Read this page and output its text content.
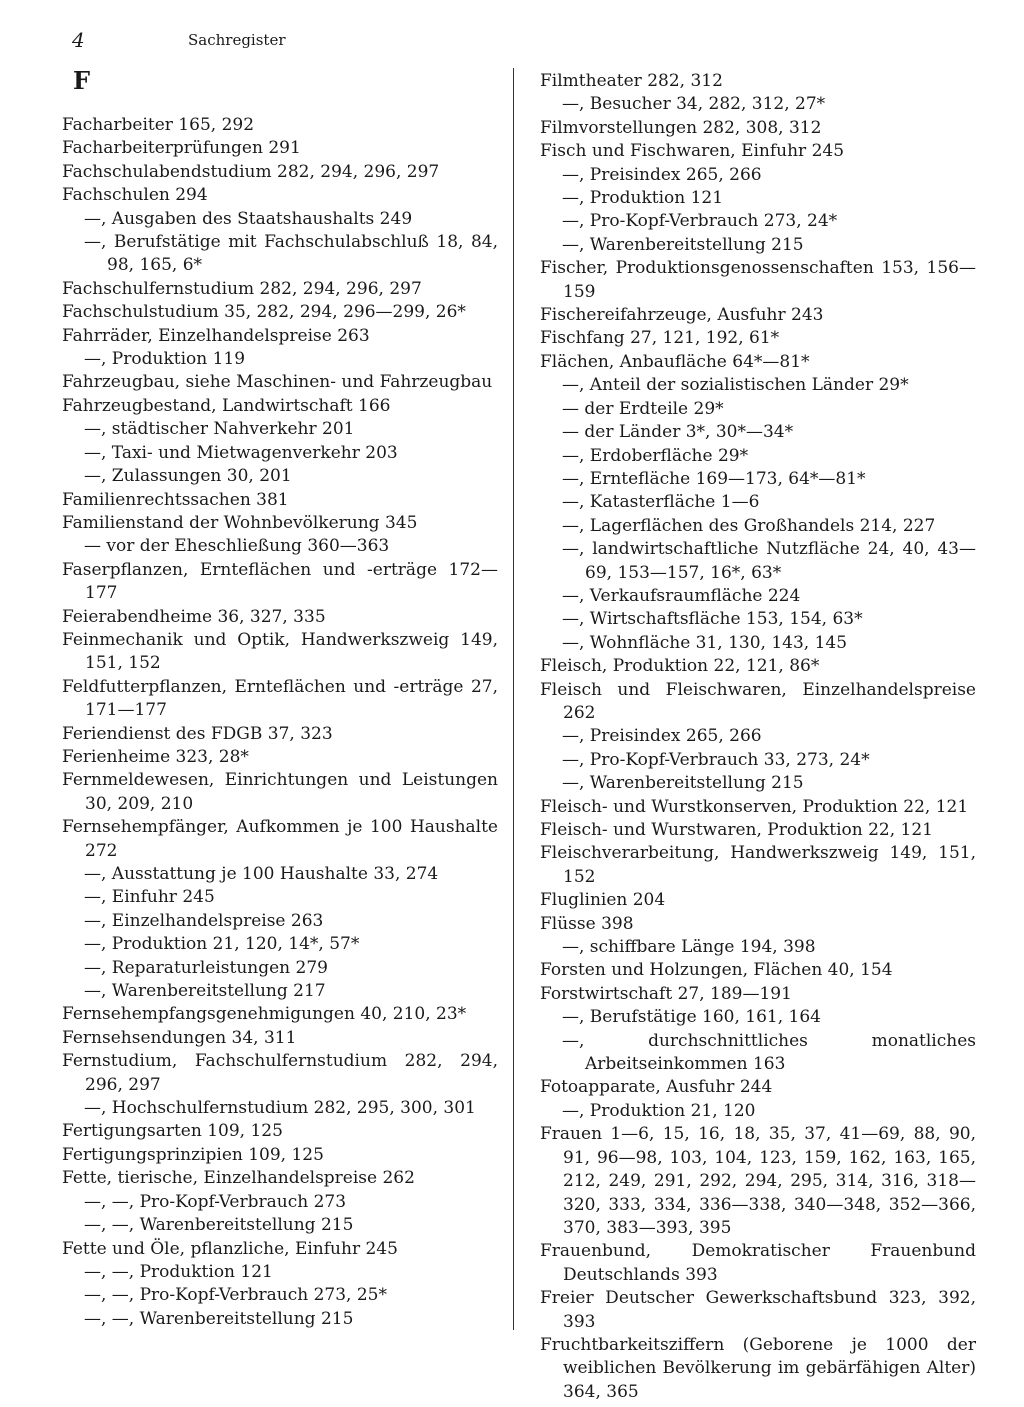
4	Sachregister
F
Facharbeiter 165, 292
Facharbeiterprüfungen 291
Fachschulabendstudium 282, 294, 296, 297
Fachschulen 294
—, Ausgaben des Staatshaushalts 249
—, Berufstätige mit Fachschulabschluß 18, 84, 98, 165, 6*
Fachschulfernstudium 282, 294, 296, 297
Fachschulstudium 35, 282, 294, 296—299, 26*
Fahrräder, Einzelhandelspreise 263
—, Produktion 119
Fahrzeugbau, siehe Maschinen- und Fahrzeugbau
Fahrzeugbestand, Landwirtschaft 166
—, städtischer Nahverkehr 201
—, Taxi- und Mietwagenverkehr 203
—, Zulassungen 30, 201
Familienrechtssachen 381
Familienstand der Wohnbevölkerung 345
— vor der Eheschließung 360—363
Faserpflanzen, Ernteflächen und -erträge 172—177
Feierabendheime 36, 327, 335
Feinmechanik und Optik, Handwerkszweig 149, 151, 152
Feldfutterpflanzen, Ernteflächen und -erträge 27, 171—177
Feriendienst des FDGB 37, 323
Ferienheime 323, 28*
Fernmeldewesen, Einrichtungen und Leistungen 30, 209, 210
Fernsehempfänger, Aufkommen je 100 Haushalte 272
—, Ausstattung je 100 Haushalte 33, 274
—, Einfuhr 245
—, Einzelhandelspreise 263
—, Produktion 21, 120, 14*, 57*
—, Reparaturleistungen 279
—, Warenbereitstellung 217
Fernsehempfangsgenehmigungen 40, 210, 23*
Fernsehsendungen 34, 311
Fernstudium, Fachschulfernstudium 282, 294, 296, 297
—, Hochschulfernstudium 282, 295, 300, 301
Fertigungsarten 109, 125
Fertigungsprinzipien 109, 125
Fette, tierische, Einzelhandelspreise 262
—, —, Pro-Kopf-Verbrauch 273
—, —, Warenbereitstellung 215
Fette und Öle, pflanzliche, Einfuhr 245
—, —, Produktion 121
—, —, Pro-Kopf-Verbrauch 273, 25*
—, —, Warenbereitstellung 215
Filmtheater 282, 312
—, Besucher 34, 282, 312, 27*
Filmvorstellungen 282, 308, 312
Fisch und Fischwaren, Einfuhr 245
—, Preisindex 265, 266
—, Produktion 121
—, Pro-Kopf-Verbrauch 273, 24*
—, Warenbereitstellung 215
Fischer, Produktionsgenossenschaften 153, 156—159
Fischereifahrzeuge, Ausfuhr 243
Fischfang 27, 121, 192, 61*
Flächen, Anbaufläche 64*—81*
—, Anteil der sozialistischen Länder 29*
— der Erdteile 29*
— der Länder 3*, 30*—34*
—, Erdoberfläche 29*
—, Erntefläche 169—173, 64*—81*
—, Katasterfläche 1—6
—, Lagerflächen des Großhandels 214, 227
—, landwirtschaftliche Nutzfläche 24, 40, 43—69, 153—157, 16*, 63*
—, Verkaufsraumfläche 224
—, Wirtschaftsfläche 153, 154, 63*
—, Wohnfläche 31, 130, 143, 145
Fleisch, Produktion 22, 121, 86*
Fleisch und Fleischwaren, Einzelhandelspreise 262
—, Preisindex 265, 266
—, Pro-Kopf-Verbrauch 33, 273, 24*
—, Warenbereitstellung 215
Fleisch- und Wurstkonserven, Produktion 22, 121
Fleisch- und Wurstwaren, Produktion 22, 121
Fleischverarbeitung, Handwerkszweig 149, 151, 152
Fluglinien 204
Flüsse 398
—, schiffbare Länge 194, 398
Forsten und Holzungen, Flächen 40, 154
Forstwirtschaft 27, 189—191
—, Berufstätige 160, 161, 164
—, durchschnittliches monatliches Arbeitseinkommen 163
Fotoapparate, Ausfuhr 244
—, Produktion 21, 120
Frauen 1—6, 15, 16, 18, 35, 37, 41—69, 88, 90, 91, 96—98, 103, 104, 123, 159, 162, 163, 165, 212, 249, 291, 292, 294, 295, 314, 316, 318—320, 333, 334, 336—338, 340—348, 352—366, 370, 383—393, 395
Frauenbund, Demokratischer Frauenbund Deutschlands 393
Freier Deutscher Gewerkschaftsbund 323, 392, 393
Fruchtbarkeitsziffern (Geborene je 1000 der weiblichen Bevölkerung im gebärfähigen Alter) 364, 365
